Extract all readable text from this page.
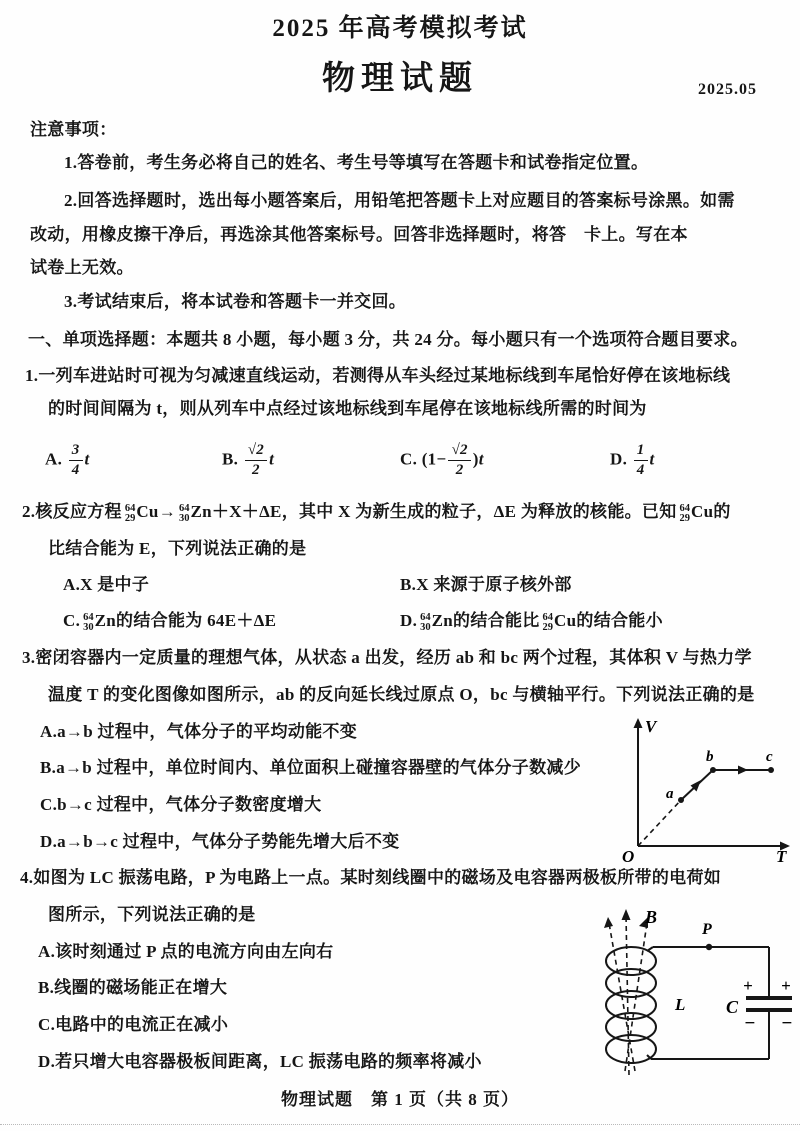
2025 年高考模拟考试
物理试题	2025.05
注意事项：
1.答卷前，考生务必将自己的姓名、考生号等填写在答题卡和试卷指定位置。
2.回答选择题时，选出每小题答案后，用铅笔把答题卡上对应题目的答案标号涂黑。如需
改动，用橡皮擦干净后，再选涂其他答案标号。回答非选择题时，将答 卡上。写在本
试卷上无效。
3.考试结束后，将本试卷和答题卡一并交回。
一、单项选择题：本题共 8 小题，每小题 3 分，共 24 分。每小题只有一个选项符合题目要求。
1.一列车进站时可视为匀减速直线运动，若测得从车头经过某地标线到车尾恰好停在该地标线
的时间间隔为 t，则从列车中点经过该地标线到车尾停在该地标线所需的时间为
A. $\frac{3}{4}$ t	B. $\frac{√2}{2}$ t	C. $(1- \frac{√2}{2} )t$	D. $\frac{1}{4}$ t
2.核反应方程 64
29 Cu→ 64
30 Zn＋X＋ΔE，其中 X 为新生成的粒子，ΔE 为释放的核能。已知 64
29 Cu的
比结合能为 E，下列说法正确的是
A.X 是中子	B.X 来源于原子核外部
C. 64
30 Zn的结合能为 64E＋ΔE	D. 64
30 Zn的结合能比 64
29 Cu的结合能小
3.密闭容器内一定质量的理想气体，从状态 a 出发，经历 ab 和 bc 两个过程，其体积 V 与热力学
温度 T 的变化图像如图所示，ab 的反向延长线过原点 O，bc 与横轴平行。下列说法正确的是
A.a→b 过程中，气体分子的平均动能不变
B.a→b 过程中，单位时间内、单位面积上碰撞容器壁的气体分子数减少
C.b→c 过程中，气体分子数密度增大
D.a→b→c 过程中，气体分子势能先增大后不变
V
T
O
a
b	c
4.如图为 LC 振荡电路，P 为电路上一点。某时刻线圈中的磁场及电容器两极板所带的电荷如
图所示，下列说法正确的是
A.该时刻通过 P 点的电流方向由左向右
B.线圈的磁场能正在增大
C.电路中的电流正在减小
D.若只增大电容器极板间距离，LC 振荡电路的频率将减小
B
P
L C
+ +
− −
物理试题　第 1 页（共 8 页）
